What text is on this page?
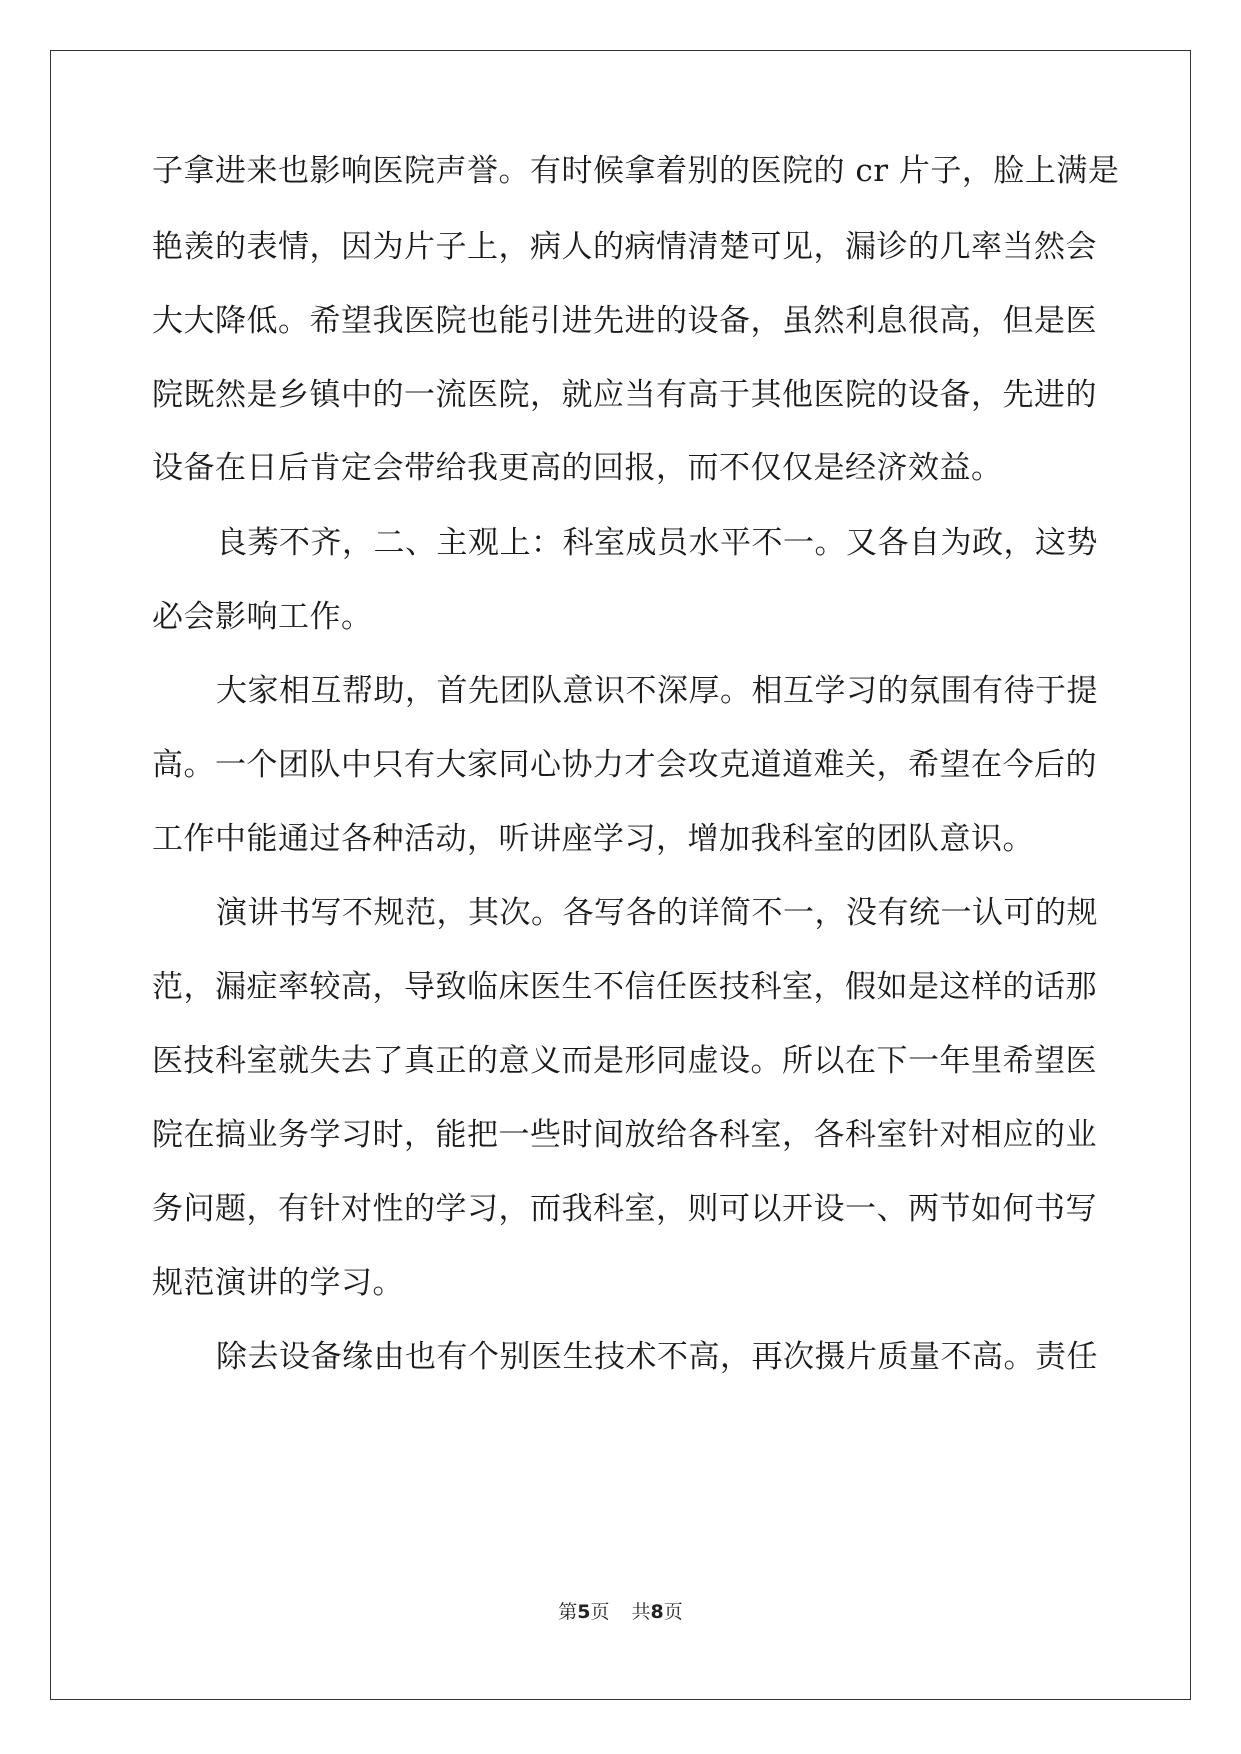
子拿进来也影响医院声誉。有时候拿着别的医院的 cr 片子，脸上满是
艳羡的表情，因为片子上，病人的病情清楚可见，漏诊的几率当然会
大大降低。希望我医院也能引进先进的设备，虽然利息很高，但是医
院既然是乡镇中的一流医院，就应当有高于其他医院的设备，先进的
设备在日后肯定会带给我更高的回报，而不仅仅是经济效益。
良莠不齐，二、主观上：科室成员水平不一。又各自为政，这势
必会影响工作。
大家相互帮助，首先团队意识不深厚。相互学习的氛围有待于提
高。一个团队中只有大家同心协力才会攻克道道难关，希望在今后的
工作中能通过各种活动，听讲座学习，增加我科室的团队意识。
演讲书写不规范，其次。各写各的详简不一，没有统一认可的规
范，漏症率较高，导致临床医生不信任医技科室，假如是这样的话那
医技科室就失去了真正的意义而是形同虚设。所以在下一年里希望医
院在搞业务学习时，能把一些时间放给各科室，各科室针对相应的业
务问题，有针对性的学习，而我科室，则可以开设一、两节如何书写
规范演讲的学习。
除去设备缘由也有个别医生技术不高，再次摄片质量不高。责任
第5页 共8页
